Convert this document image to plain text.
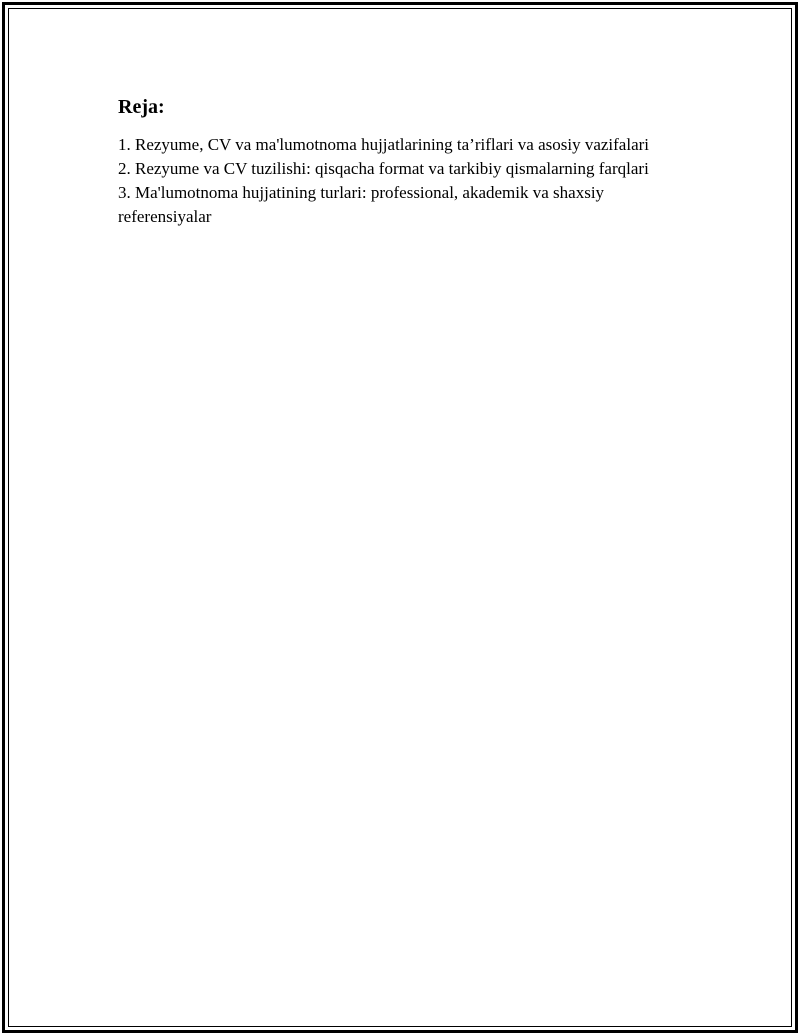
Reja:
1. Rezyume, CV va ma'lumotnoma hujjatlarining ta’riflari va asosiy vazifalari
2. Rezyume va CV tuzilishi: qisqacha format va tarkibiy qismalarning farqlari
3. Ma'lumotnoma hujjatining turlari: professional, akademik va shaxsiy referensiyalar
